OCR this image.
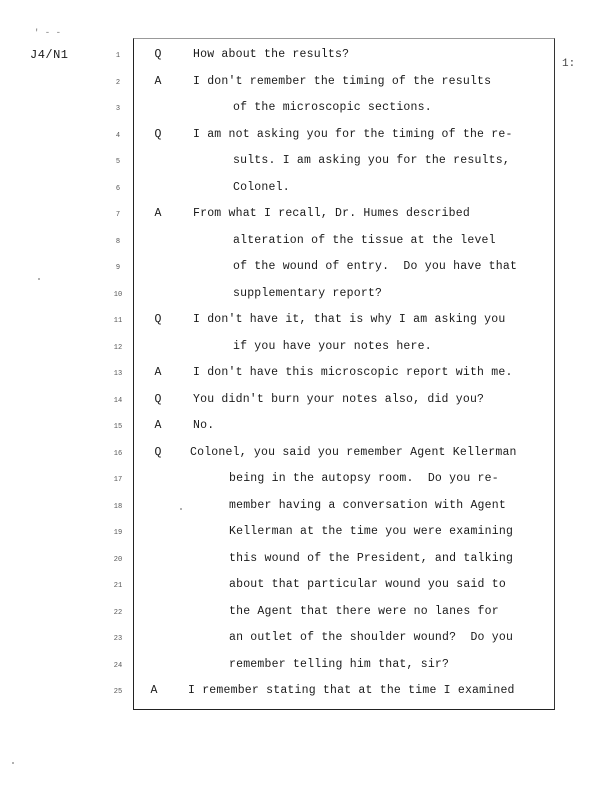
' - -
J4/N1
1:
1	Q	How about the results?
2	A	I don't remember the timing of the results
3	of the microscopic sections.
4	Q	I am not asking you for the timing of the re-
5	sults. I am asking you for the results,
6	Colonel.
7	A	From what I recall, Dr. Humes described
8	alteration of the tissue at the level
9	of the wound of entry.  Do you have that
10	supplementary report?
11	Q	I don't have it, that is why I am asking you
12	if you have your notes here.
13	A	I don't have this microscopic report with me.
14	Q	You didn't burn your notes also, did you?
15	A	No.
16	Q	Colonel, you said you remember Agent Kellerman
17	being in the autopsy room.  Do you re-
18	member having a conversation with Agent
19	Kellerman at the time you were examining
20	this wound of the President, and talking
21	about that particular wound you said to
22	the Agent that there were no lanes for
23	an outlet of the shoulder wound?  Do you
24	remember telling him that, sir?
25	A	I remember stating that at the time I examined
